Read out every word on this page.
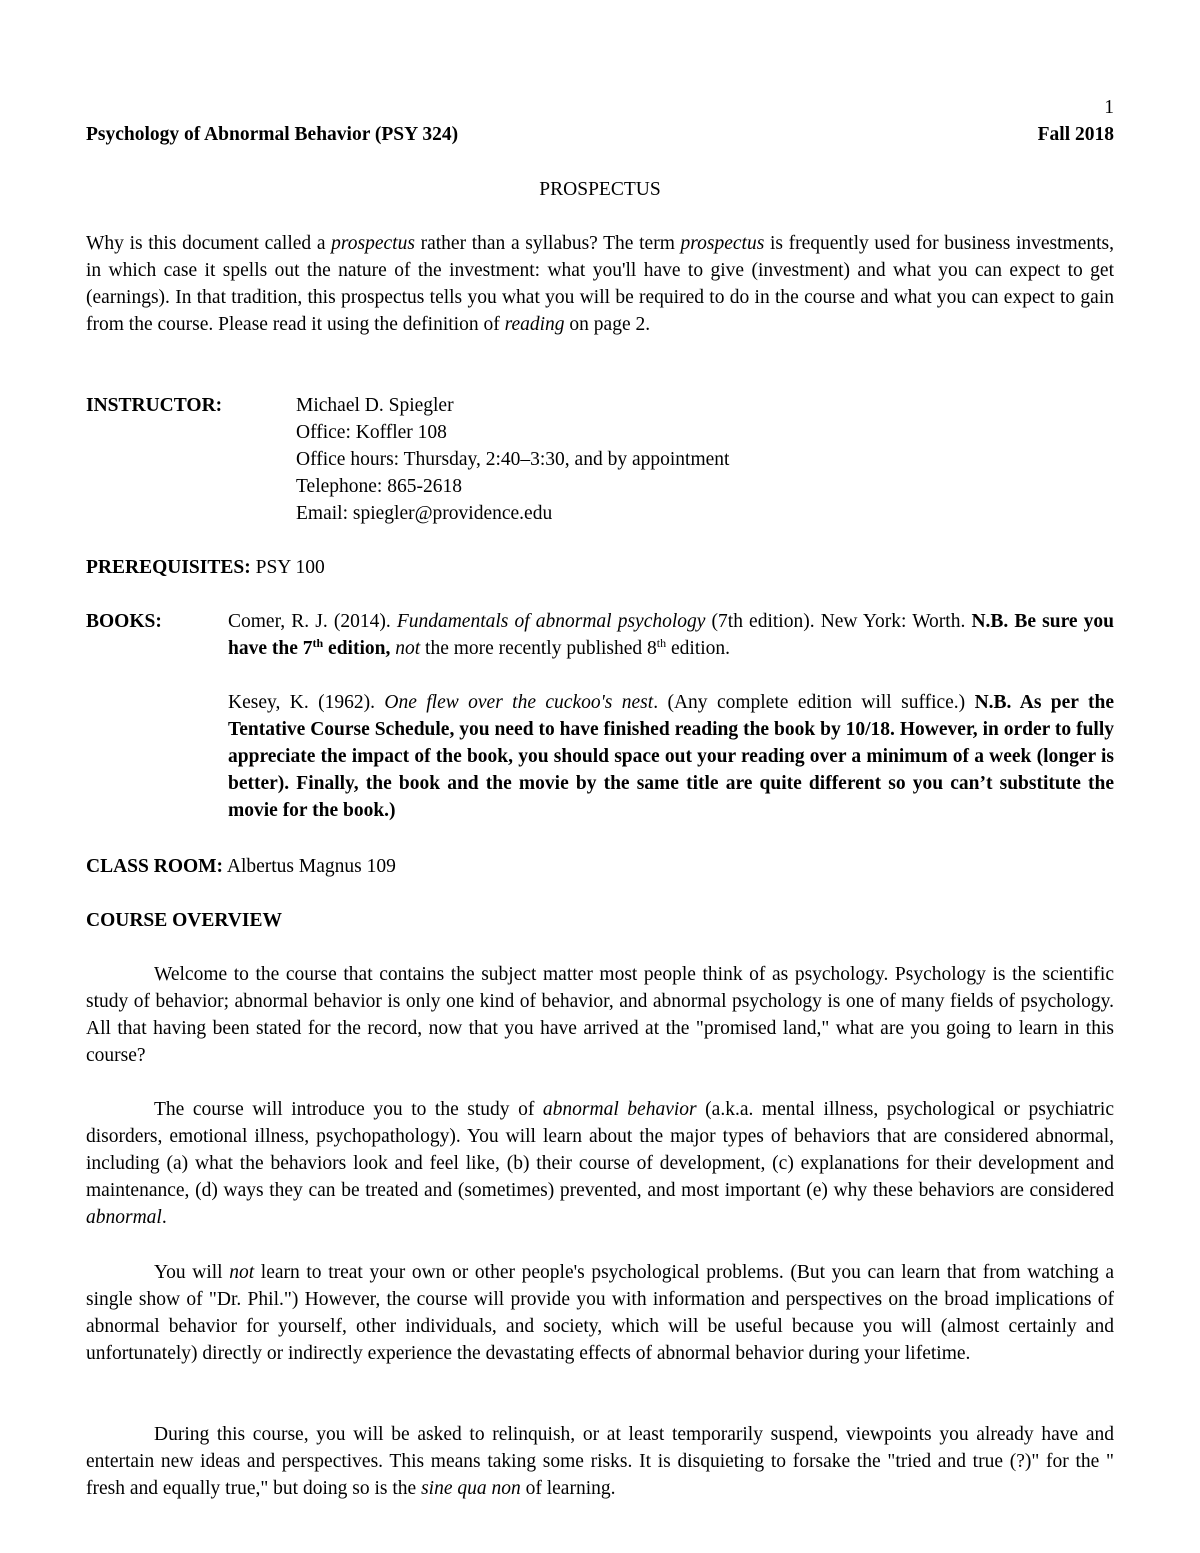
1
Psychology of Abnormal Behavior (PSY 324)	Fall 2018
PROSPECTUS

Why is this document called a prospectus rather than a syllabus? The term prospectus is frequently used for business investments, in which case it spells out the nature of the investment: what you'll have to give (investment) and what you can expect to get (earnings). In that tradition, this prospectus tells you what you will be required to do in the course and what you can expect to gain from the course. Please read it using the definition of reading on page 2.

INSTRUCTOR:	Michael D. Spiegler
Office: Koffler 108
Office hours: Thursday, 2:40–3:30, and by appointment
Telephone: 865-2618
Email: spiegler@providence.edu
PREREQUISITES: PSY 100
BOOKS:	Comer, R. J. (2014). Fundamentals of abnormal psychology (7th edition). New York: Worth. N.B. Be sure you have the 7th edition, not the more recently published 8th edition.

Kesey, K. (1962). One flew over the cuckoo's nest. (Any complete edition will suffice.) N.B. As per the Tentative Course Schedule, you need to have finished reading the book by 10/18. However, in order to fully appreciate the impact of the book, you should space out your reading over a minimum of a week (longer is better). Finally, the book and the movie by the same title are quite different so you can’t substitute the movie for the book.)

CLASS ROOM: Albertus Magnus 109
COURSE OVERVIEW

Welcome to the course that contains the subject matter most people think of as psychology. Psychology is the scientific study of behavior; abnormal behavior is only one kind of behavior, and abnormal psychology is one of many fields of psychology. All that having been stated for the record, now that you have arrived at the "promised land," what are you going to learn in this course?

The course will introduce you to the study of abnormal behavior (a.k.a. mental illness, psychological or psychiatric disorders, emotional illness, psychopathology). You will learn about the major types of behaviors that are considered abnormal, including (a) what the behaviors look and feel like, (b) their course of development, (c) explanations for their development and maintenance, (d) ways they can be treated and (sometimes) prevented, and most important (e) why these behaviors are considered abnormal.

You will not learn to treat your own or other people's psychological problems. (But you can learn that from watching a single show of "Dr. Phil.") However, the course will provide you with information and perspectives on the broad implications of abnormal behavior for yourself, other individuals, and society, which will be useful because you will (almost certainly and unfortunately) directly or indirectly experience the devastating effects of abnormal behavior during your lifetime.

During this course, you will be asked to relinquish, or at least temporarily suspend, viewpoints you already have and entertain new ideas and perspectives. This means taking some risks. It is disquieting to forsake the "tried and true (?)" for the " fresh and equally true," but doing so is the sine qua non of learning.
